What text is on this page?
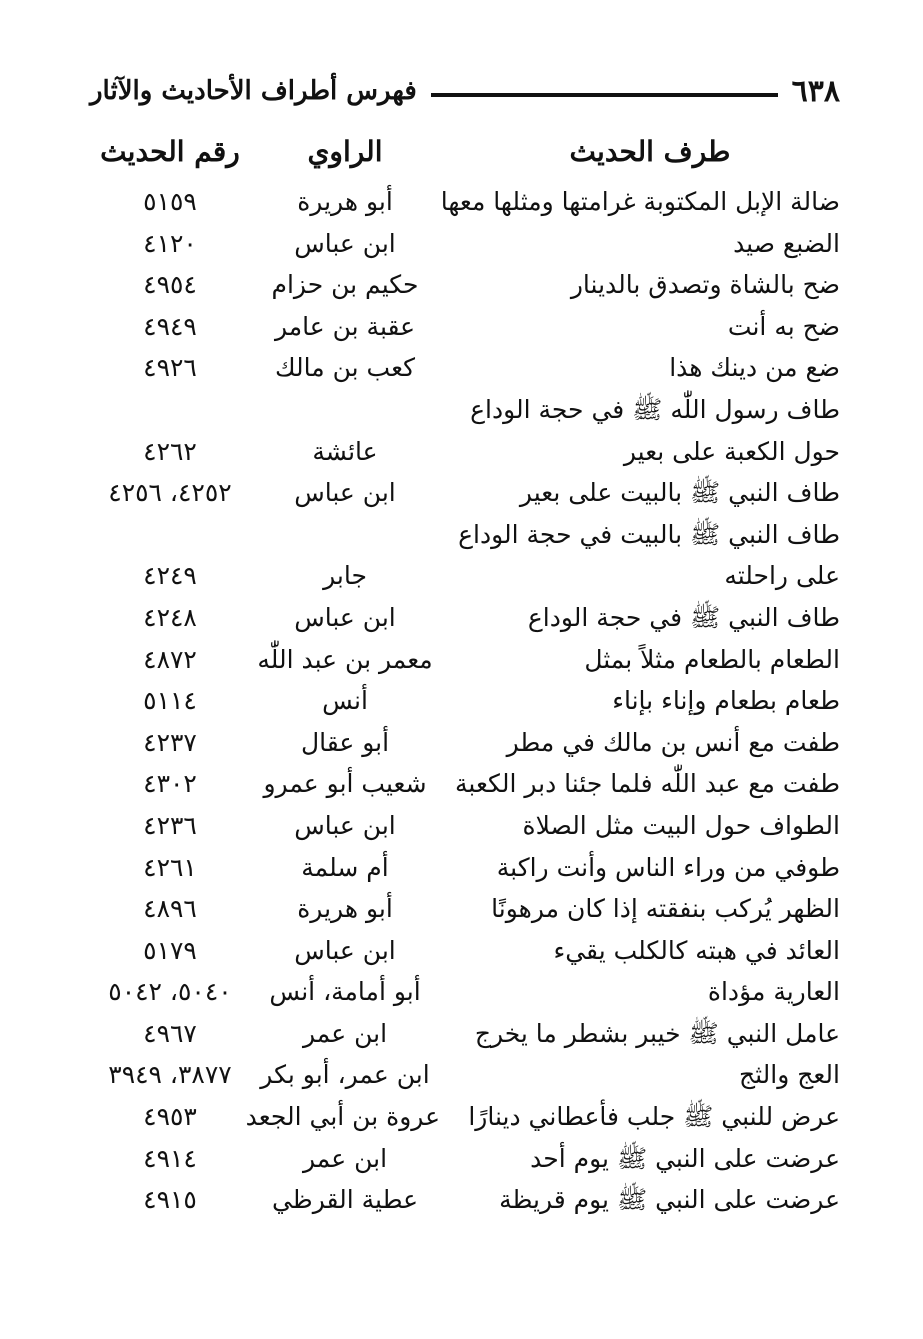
٦٣٨
فهرس أطراف الأحاديث والآثار
طرف الحديث
الراوي
رقم الحديث
ضالة الإبل المكتوبة غرامتها ومثلها معها
أبو هريرة
٥١٥٩
الضبع صيد
ابن عباس
٤١٢٠
ضح بالشاة وتصدق بالدينار
حكيم بن حزام
٤٩٥٤
ضح به أنت
عقبة بن عامر
٤٩٤٩
ضع من دينك هذا
كعب بن مالك
٤٩٢٦
طاف رسول اللّٰه ﷺ في حجة الوداع
حول الكعبة على بعير
عائشة
٤٢٦٢
طاف النبي ﷺ بالبيت على بعير
ابن عباس
٤٢٥٢، ٤٢٥٦
طاف النبي ﷺ بالبيت في حجة الوداع
على راحلته
جابر
٤٢٤٩
طاف النبي ﷺ في حجة الوداع
ابن عباس
٤٢٤٨
الطعام بالطعام مثلاً بمثل
معمر بن عبد اللّٰه
٤٨٧٢
طعام بطعام وإناء بإناء
أنس
٥١١٤
طفت مع أنس بن مالك في مطر
أبو عقال
٤٢٣٧
طفت مع عبد اللّٰه فلما جئنا دبر الكعبة
شعيب أبو عمرو
٤٣٠٢
الطواف حول البيت مثل الصلاة
ابن عباس
٤٢٣٦
طوفي من وراء الناس وأنت راكبة
أم سلمة
٤٢٦١
الظهر يُركب بنفقته إذا كان مرهونًا
أبو هريرة
٤٨٩٦
العائد في هبته كالكلب يقيء
ابن عباس
٥١٧٩
العارية مؤداة
أبو أمامة، أنس
٥٠٤٠، ٥٠٤٢
عامل النبي ﷺ خيبر بشطر ما يخرج
ابن عمر
٤٩٦٧
العج والثج
ابن عمر، أبو بكر
٣٨٧٧، ٣٩٤٩
عرض للنبي ﷺ جلب فأعطاني دينارًا
عروة بن أبي الجعد
٤٩٥٣
عرضت على النبي ﷺ يوم أحد
ابن عمر
٤٩١٤
عرضت على النبي ﷺ يوم قريظة
عطية القرظي
٤٩١٥
